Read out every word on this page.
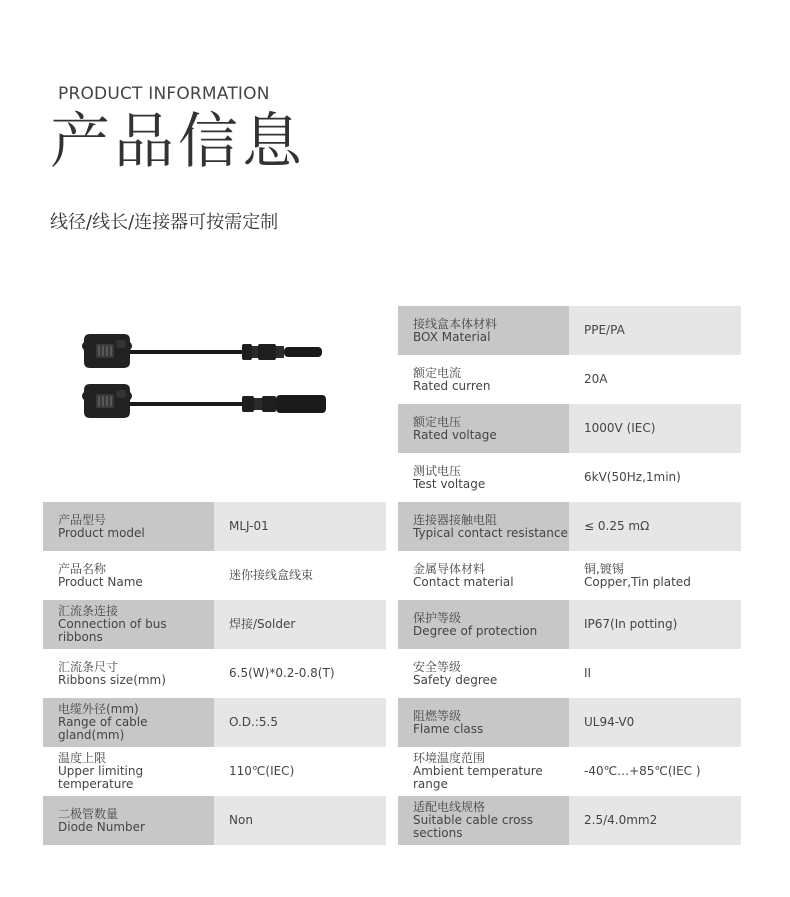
PRODUCT INFORMATION
产品信息
线径/线长/连接器可按需定制
产品型号
Product model	MLJ-01

产品名称
Product Name	迷你接线盒线束

汇流条连接
Connection of bus ribbons	焊接/Solder

汇流条尺寸
Ribbons size(mm)	6.5(W)*0.2-0.8(T)

电缆外径(mm)
Range of cable gland(mm)	O.D.:5.5

温度上限
Upper limiting temperature	110℃(IEC)

二极管数量
Diode Number	Non
接线盒本体材料
BOX Material	PPE/PA

额定电流
Rated curren	20A

额定电压
Rated voltage	1000V (IEC)

测试电压
Test voltage	6kV(50Hz,1min)

连接器接触电阻
Typical contact resistance	≤ 0.25 mΩ

金属导体材料
Contact material	铜,镀锡
Copper,Tin plated

保护等级
Degree of protection	IP67(In potting)

安全等级
Safety degree	II

阻燃等级
Flame class	UL94-V0

环境温度范围
Ambient temperature range	-40℃…+85℃(IEC )

适配电线规格
Suitable cable cross sections	2.5/4.0mm2
